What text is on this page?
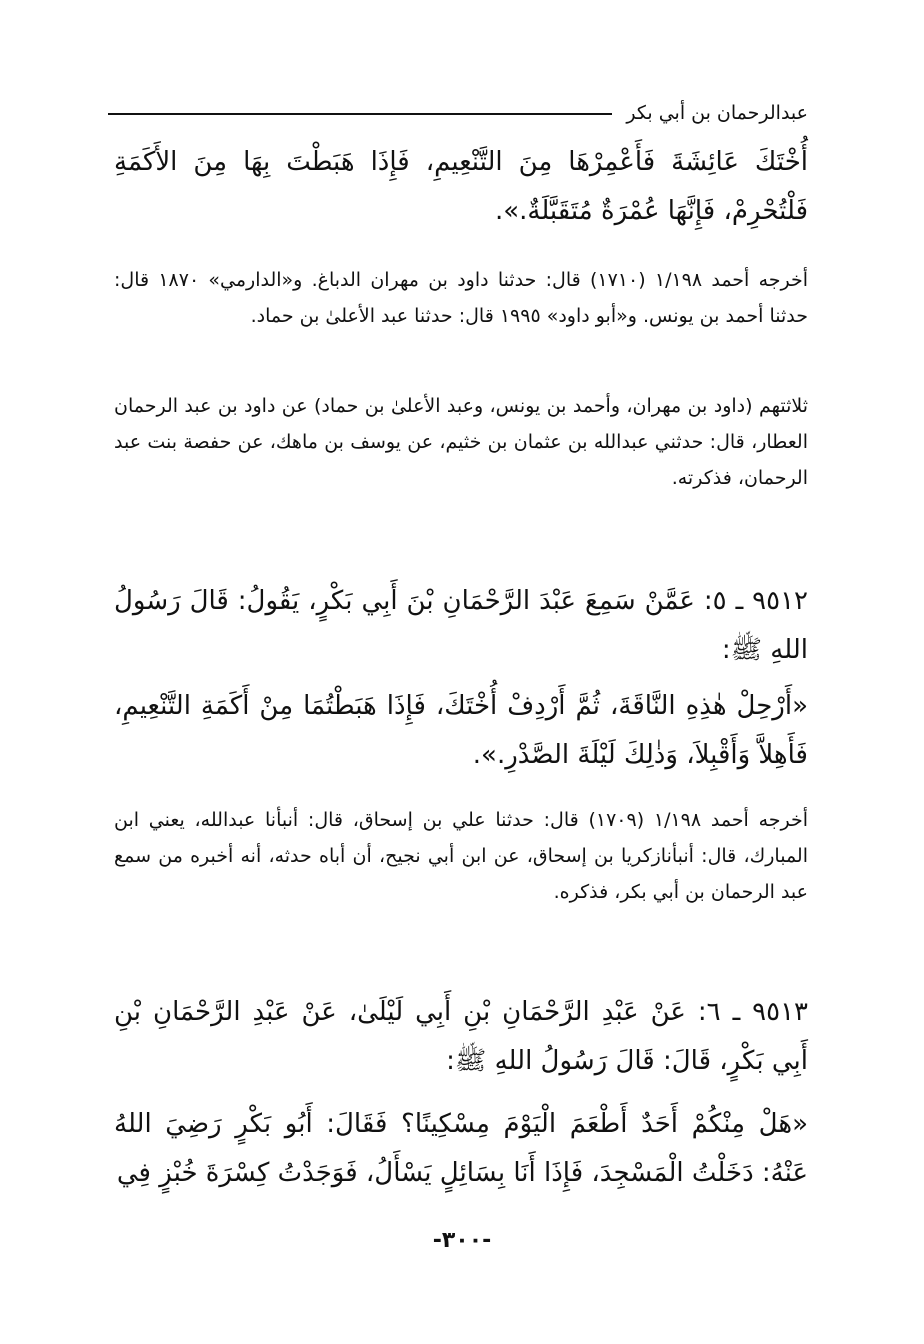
عبدالرحمان بن أبي بكر

أُخْتَكَ عَائِشَةَ فَأَعْمِرْهَا مِنَ التَّنْعِيمِ، فَإِذَا هَبَطْتَ بِهَا مِنَ الأَكَمَةِ فَلْتُحْرِمْ، فَإِنَّهَا عُمْرَةٌ مُتَقَبَّلَةٌ.».

أخرجه أحمد ١/١٩٨ (١٧١٠) قال: حدثنا داود بن مهران الدباغ. و«الدارمي» ١٨٧٠ قال: حدثنا أحمد بن يونس. و«أبو داود» ١٩٩٥ قال: حدثنا عبد الأعلىٰ بن حماد.

ثلاثتهم (داود بن مهران، وأحمد بن يونس، وعبد الأعلىٰ بن حماد) عن داود بن عبد الرحمان العطار، قال: حدثني عبدالله بن عثمان بن خثيم، عن يوسف بن ماهك، عن حفصة بنت عبد الرحمان، فذكرته.

٩٥١٢ ـ ٥: عَمَّنْ سَمِعَ عَبْدَ الرَّحْمَانِ بْنَ أَبِي بَكْرٍ، يَقُولُ: قَالَ رَسُولُ اللهِ ﷺ:

«أَرْحِلْ هٰذِهِ النَّاقَةَ، ثُمَّ أَرْدِفْ أُخْتَكَ، فَإِذَا هَبَطْتُمَا مِنْ أَكَمَةِ التَّنْعِيمِ، فَأَهِلاَّ وَأَقْبِلاَ، وَذٰلِكَ لَيْلَةَ الصَّدْرِ.».

أخرجه أحمد ١/١٩٨ (١٧٠٩) قال: حدثنا علي بن إسحاق، قال: أنبأنا عبدالله، يعني ابن المبارك، قال: أنبأنازكريا بن إسحاق، عن ابن أبي نجيح، أن أباه حدثه، أنه أخبره من سمع عبد الرحمان بن أبي بكر، فذكره.

٩٥١٣ ـ ٦: عَنْ عَبْدِ الرَّحْمَانِ بْنِ أَبِي لَيْلَىٰ، عَنْ عَبْدِ الرَّحْمَانِ بْنِ أَبِي بَكْرٍ، قَالَ: قَالَ رَسُولُ اللهِ ﷺ:

«هَلْ مِنْكُمْ أَحَدٌ أَطْعَمَ الْيَوْمَ مِسْكِينًا؟ فَقَالَ: أَبُو بَكْرٍ رَضِيَ اللهُ عَنْهُ: دَخَلْتُ الْمَسْجِدَ، فَإِذَا أَنَا بِسَائِلٍ يَسْأَلُ، فَوَجَدْتُ كِسْرَةَ خُبْزٍ فِي

-٣٠٠-
